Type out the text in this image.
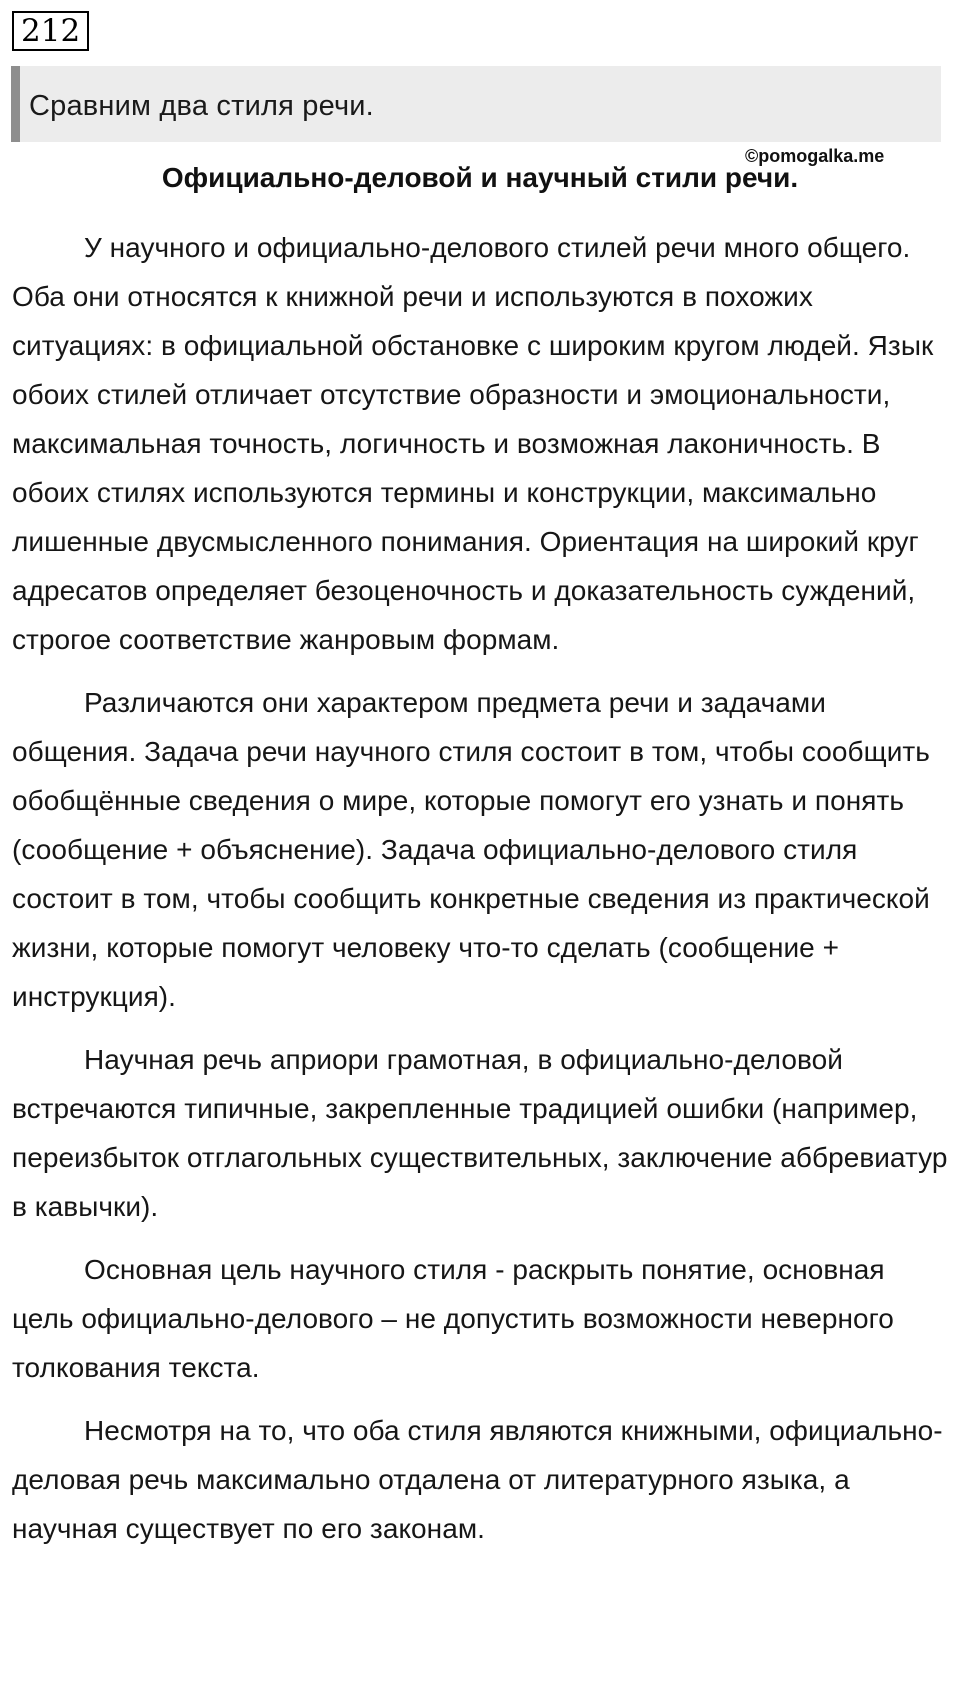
212
Сравним два стиля речи.
©pomogalka.me
Официально-деловой и научный стили речи.

У научного и официально-делового стилей речи много общего. Оба они относятся к книжной речи и используются в похожих ситуациях: в официальной обстановке с широким кругом людей. Язык обоих стилей отличает отсутствие образности и эмоциональности, максимальная точность, логичность и возможная лаконичность. В обоих стилях используются термины и конструкции, максимально лишенные двусмысленного понимания. Ориентация на широкий круг адресатов определяет безоценочность и доказательность суждений, строгое соответствие жанровым формам.

Различаются они характером предмета речи и задачами общения. Задача речи научного стиля состоит в том, чтобы сообщить обобщённые сведения о мире, которые помогут его узнать и понять (сообщение + объяснение). Задача официально-делового стиля состоит в том, чтобы сообщить конкретные сведения из практической жизни, которые помогут человеку что-то сделать (сообщение + инструкция).

Научная речь априори грамотная, в официально-деловой встречаются типичные, закрепленные традицией ошибки (например, переизбыток отглагольных существительных, заключение аббревиатур в кавычки).

Основная цель научного стиля - раскрыть понятие, основная цель официально-делового – не допустить возможности неверного толкования текста.

Несмотря на то, что оба стиля являются книжными, официально-деловая речь максимально отдалена от литературного языка, а научная существует по его законам.
